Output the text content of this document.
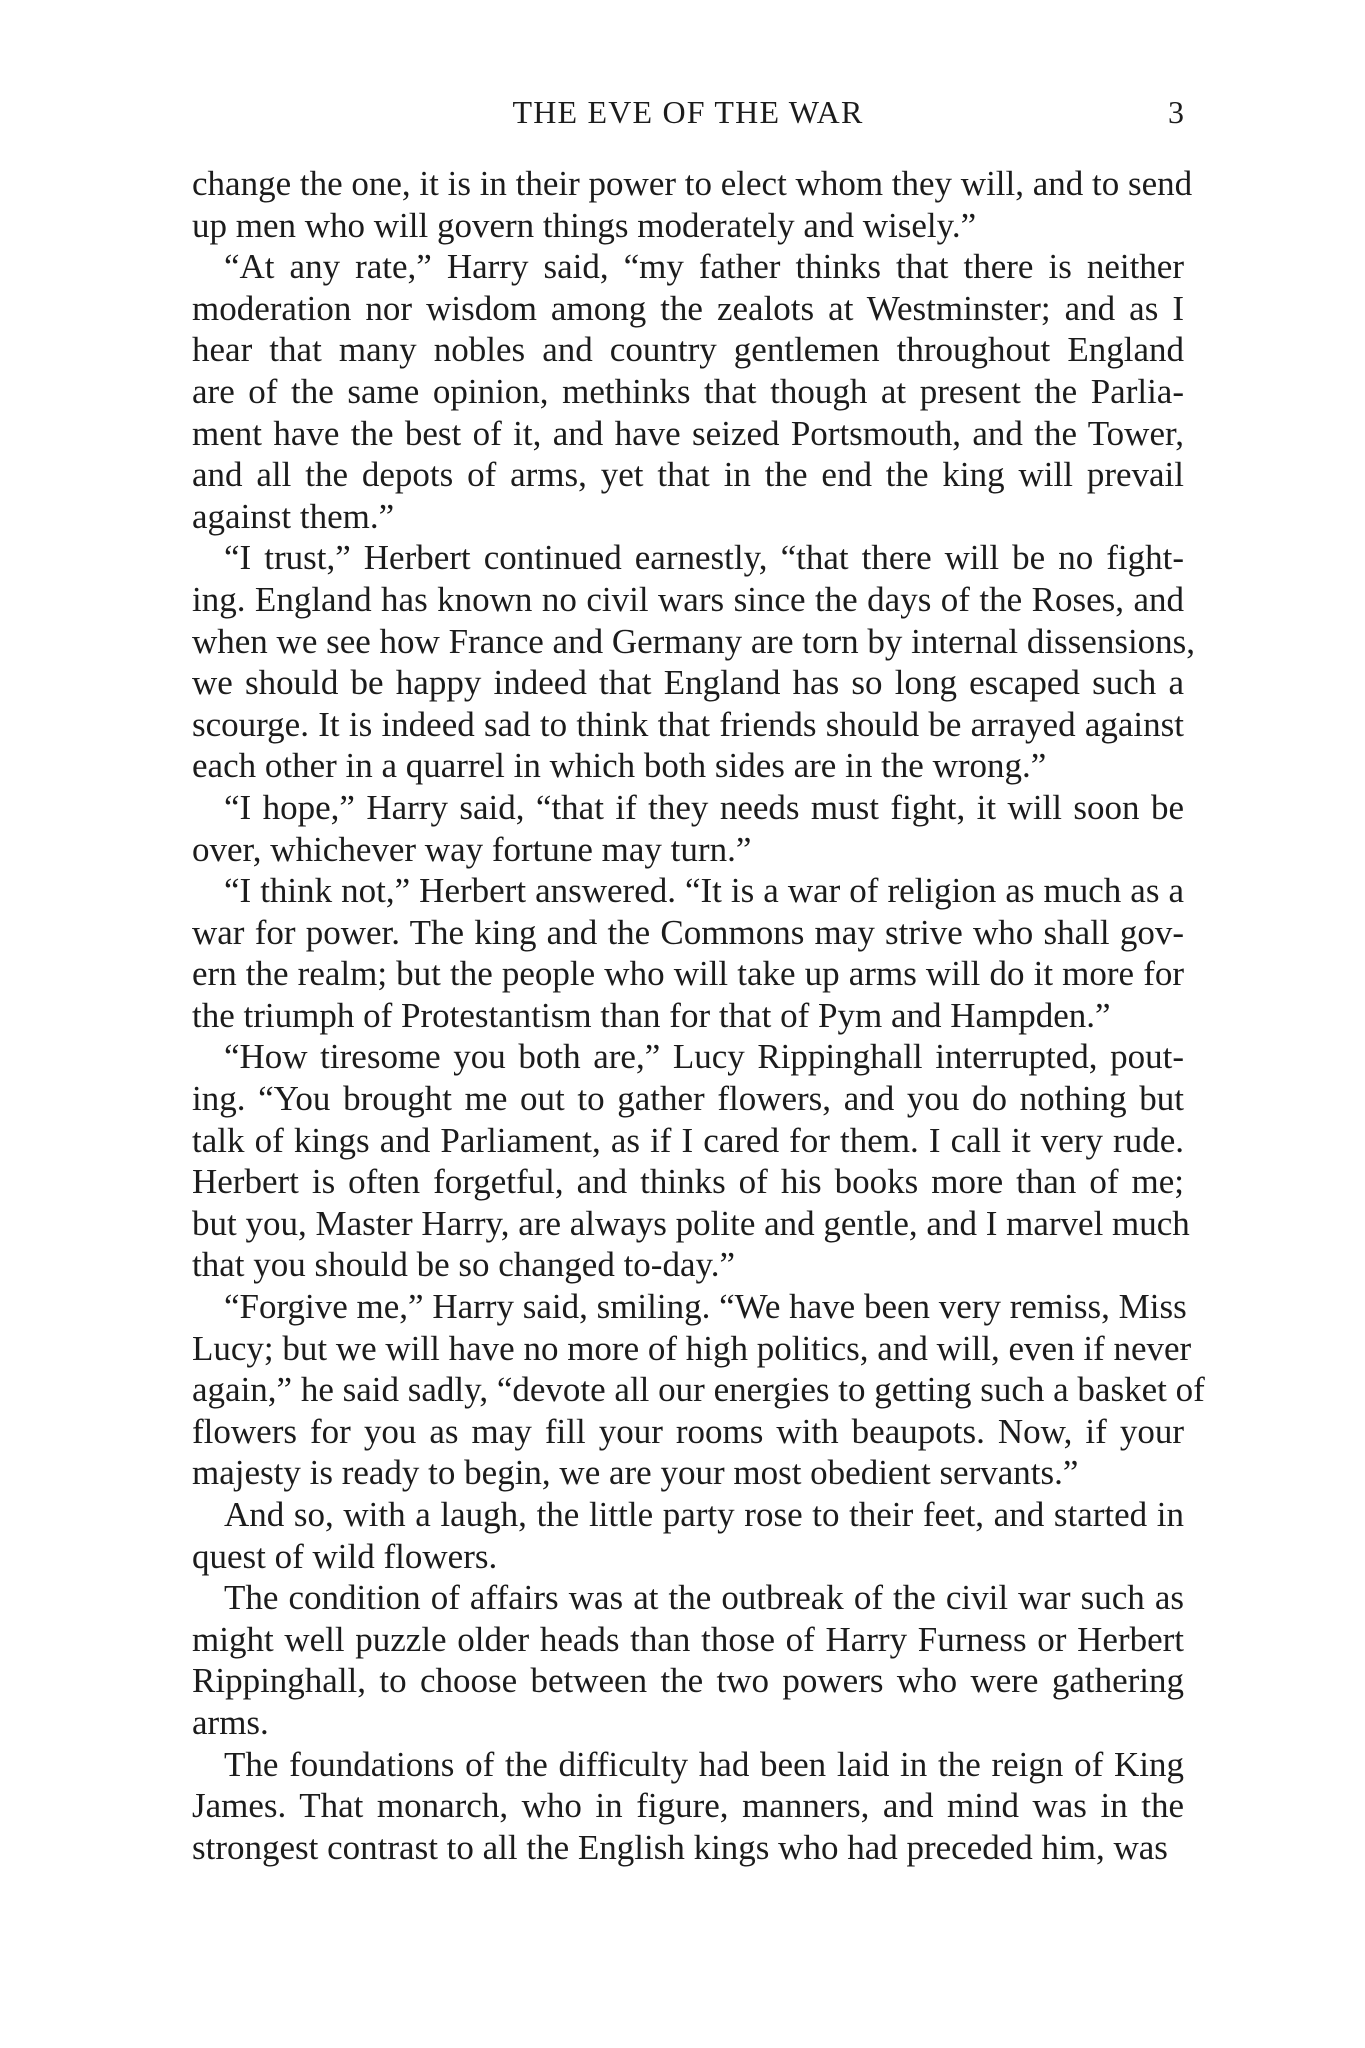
THE EVE OF THE WAR	3
change the one, it is in their power to elect whom they will, and to send
up men who will govern things moderately and wisely.”
“At any rate,” Harry said, “my father thinks that there is neither
moderation nor wisdom among the zealots at Westminster; and as I
hear that many nobles and country gentlemen throughout England
are of the same opinion, methinks that though at present the Parlia-
ment have the best of it, and have seized Portsmouth, and the Tower,
and all the depots of arms, yet that in the end the king will prevail
against them.”
“I trust,” Herbert continued earnestly, “that there will be no fight-
ing. England has known no civil wars since the days of the Roses, and
when we see how France and Germany are torn by internal dissensions,
we should be happy indeed that England has so long escaped such a
scourge. It is indeed sad to think that friends should be arrayed against
each other in a quarrel in which both sides are in the wrong.”
“I hope,” Harry said, “that if they needs must fight, it will soon be
over, whichever way fortune may turn.”
“I think not,” Herbert answered. “It is a war of religion as much as a
war for power. The king and the Commons may strive who shall gov-
ern the realm; but the people who will take up arms will do it more for
the triumph of Protestantism than for that of Pym and Hampden.”
“How tiresome you both are,” Lucy Rippinghall interrupted, pout-
ing. “You brought me out to gather flowers, and you do nothing but
talk of kings and Parliament, as if I cared for them. I call it very rude.
Herbert is often forgetful, and thinks of his books more than of me;
but you, Master Harry, are always polite and gentle, and I marvel much
that you should be so changed to-day.”
“Forgive me,” Harry said, smiling. “We have been very remiss, Miss
Lucy; but we will have no more of high politics, and will, even if never
again,” he said sadly, “devote all our energies to getting such a basket of
flowers for you as may fill your rooms with beaupots. Now, if your
majesty is ready to begin, we are your most obedient servants.”
And so, with a laugh, the little party rose to their feet, and started in
quest of wild flowers.
The condition of affairs was at the outbreak of the civil war such as
might well puzzle older heads than those of Harry Furness or Herbert
Rippinghall, to choose between the two powers who were gathering
arms.
The foundations of the difficulty had been laid in the reign of King
James. That monarch, who in figure, manners, and mind was in the
strongest contrast to all the English kings who had preceded him, was
